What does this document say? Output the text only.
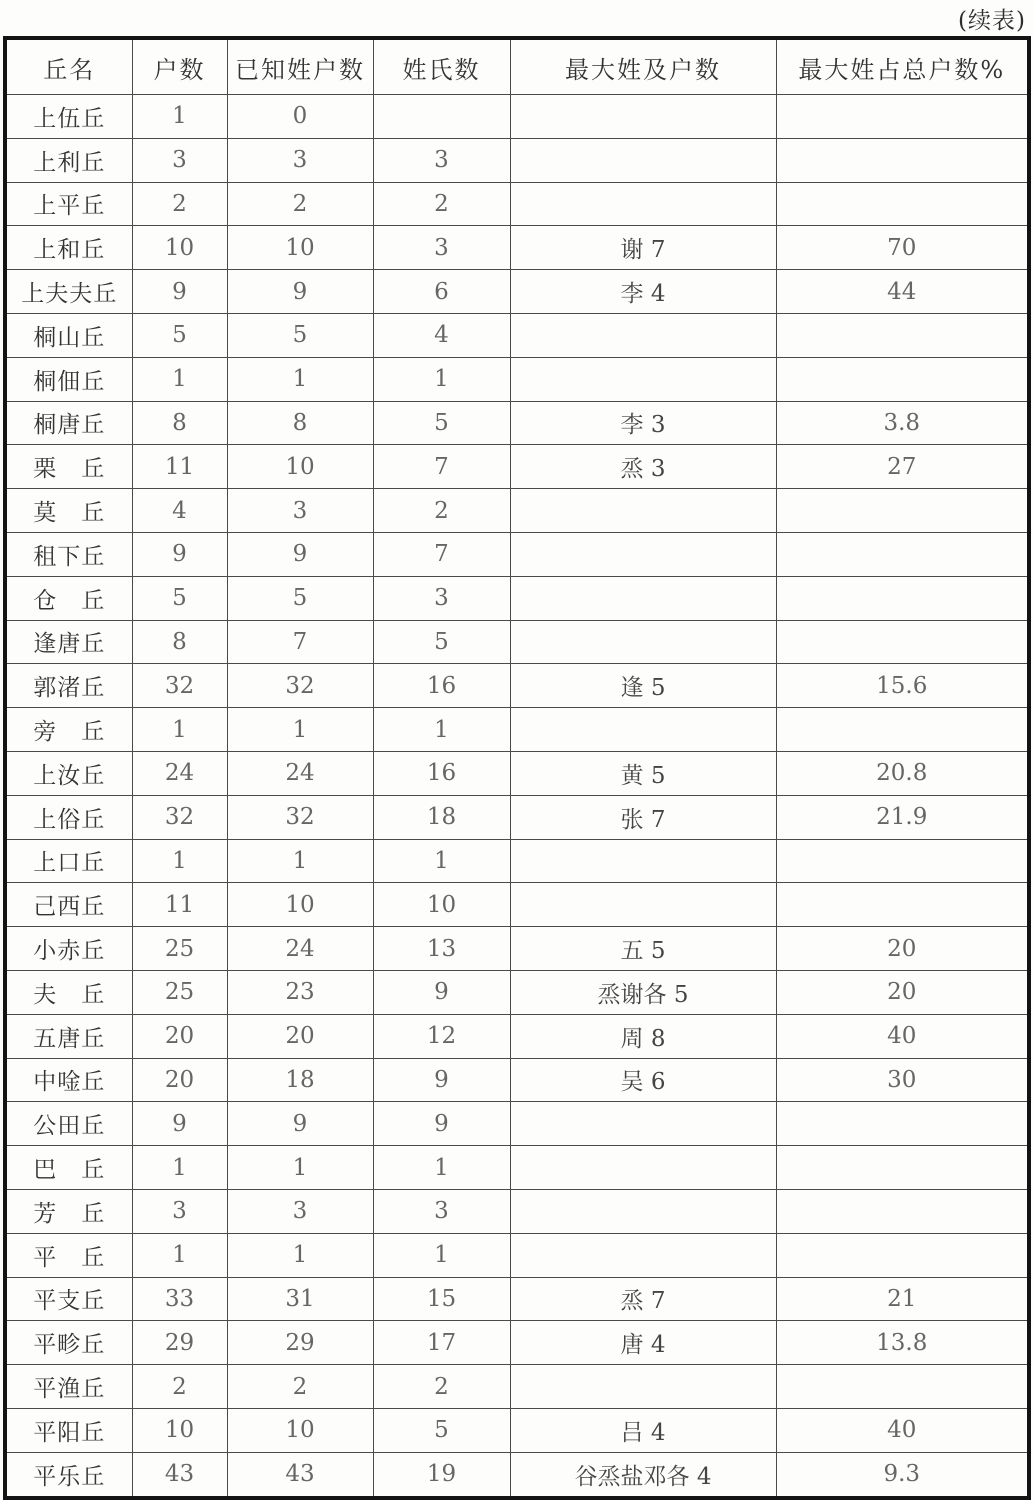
(续表)
丘名	户数	已知姓户数	姓氏数	最大姓及户数	最大姓占总户数%
上伍丘	1	0			
上利丘	3	3	3		
上平丘	2	2	2		
上和丘	10	10	3	谢 7	70
上夫夫丘	9	9	6	李 4	44
桐山丘	5	5	4		
桐佃丘	1	1	1		
桐唐丘	8	8	5	李 3	3.8
栗　丘	11	10	7	烝 3	27
莫　丘	4	3	2		
租下丘	9	9	7		
仓　丘	5	5	3		
逢唐丘	8	7	5		
郭渚丘	32	32	16	逢 5	15.6
旁　丘	1	1	1		
上汝丘	24	24	16	黄 5	20.8
上俗丘	32	32	18	张 7	21.9
上口丘	1	1	1		
己西丘	11	10	10		
小赤丘	25	24	13	五 5	20
夫　丘	25	23	9	烝谢各 5	20
五唐丘	20	20	12	周 8	40
中唫丘	20	18	9	吴 6	30
公田丘	9	9	9		
巴　丘	1	1	1		
芳　丘	3	3	3		
平　丘	1	1	1		
平支丘	33	31	15	烝 7	21
平畛丘	29	29	17	唐 4	13.8
平渔丘	2	2	2		
平阳丘	10	10	5	吕 4	40
平乐丘	43	43	19	谷烝盐邓各 4	9.3
